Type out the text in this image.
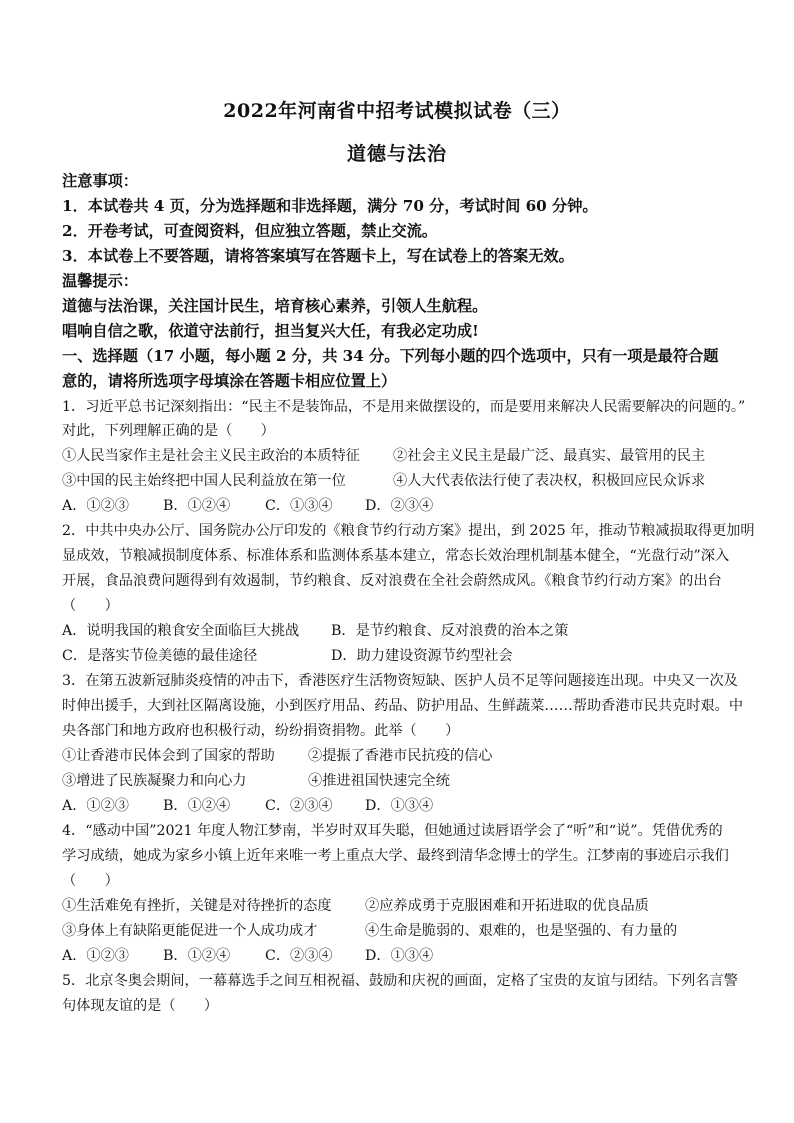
2022年河南省中招考试模拟试卷（三）
道德与法治
注意事项：
1．本试卷共 4 页，分为选择题和非选择题，满分 70 分，考试时间 60 分钟。
2．开卷考试，可查阅资料，但应独立答题，禁止交流。
3．本试卷上不要答题，请将答案填写在答题卡上，写在试卷上的答案无效。
温馨提示：
道德与法治课，关注国计民生，培育核心素养，引领人生航程。
唱响自信之歌，依道守法前行，担当复兴大任，有我必定功成!
一、选择题（17 小题，每小题 2 分，共 34 分。下列每小题的四个选项中，只有一项是最符合题
意的，请将所选项字母填涂在答题卡相应位置上）
1．习近平总书记深刻指出：“民主不是装饰品，不是用来做摆设的，而是要用来解决人民需要解决的问题的。”
对此，下列理解正确的是（　　）
①人民当家作主是社会主义民主政治的本质特征 ②社会主义民主是最广泛、最真实、最管用的民主
③中国的民主始终把中国人民利益放在第一位	④人大代表依法行使了表决权，积极回应民众诉求
A．①②③ B．①②④ C．①③④ D．②③④
2．中共中央办公厅、国务院办公厅印发的《粮食节约行动方案》提出，到 2025 年，推动节粮减损取得更加明
显成效，节粮减损制度体系、标准体系和监测体系基本建立，常态长效治理机制基本健全，“光盘行动”深入
开展，食品浪费问题得到有效遏制，节约粮食、反对浪费在全社会蔚然成风。《粮食节约行动方案》的出台
（　　）
A．说明我国的粮食安全面临巨大挑战 B．是节约粮食、反对浪费的治本之策
C．是落实节俭美德的最佳途径	D．助力建设资源节约型社会
3．在第五波新冠肺炎疫情的冲击下，香港医疗生活物资短缺、医护人员不足等问题接连出现。中央又一次及
时伸出援手，大到社区隔离设施，小到医疗用品、药品、防护用品、生鲜蔬菜……帮助香港市民共克时艰。中
央各部门和地方政府也积极行动，纷纷捐资捐物。此举（　　）
①让香港市民体会到了国家的帮助 ②提振了香港市民抗疫的信心
③增进了民族凝聚力和向心力	④推进祖国快速完全统
A．①②③ B．①②④ C．②③④ D．①③④
4．“感动中国”2021 年度人物江梦南，半岁时双耳失聪，但她通过读唇语学会了“听”和“说”。凭借优秀的
学习成绩，她成为家乡小镇上近年来唯一考上重点大学、最终到清华念博士的学生。江梦南的事迹启示我们
（　　）
①生活难免有挫折，关键是对待挫折的态度 ②应养成勇于克服困难和开拓进取的优良品质
③身体上有缺陷更能促进一个人成功成才	④生命是脆弱的、艰难的，也是坚强的、有力量的
A．①②③ B．①②④ C．②③④ D．①③④
5．北京冬奥会期间，一幕幕选手之间互相祝福、鼓励和庆祝的画面，定格了宝贵的友谊与团结。下列名言警
句体现友谊的是（　　）
